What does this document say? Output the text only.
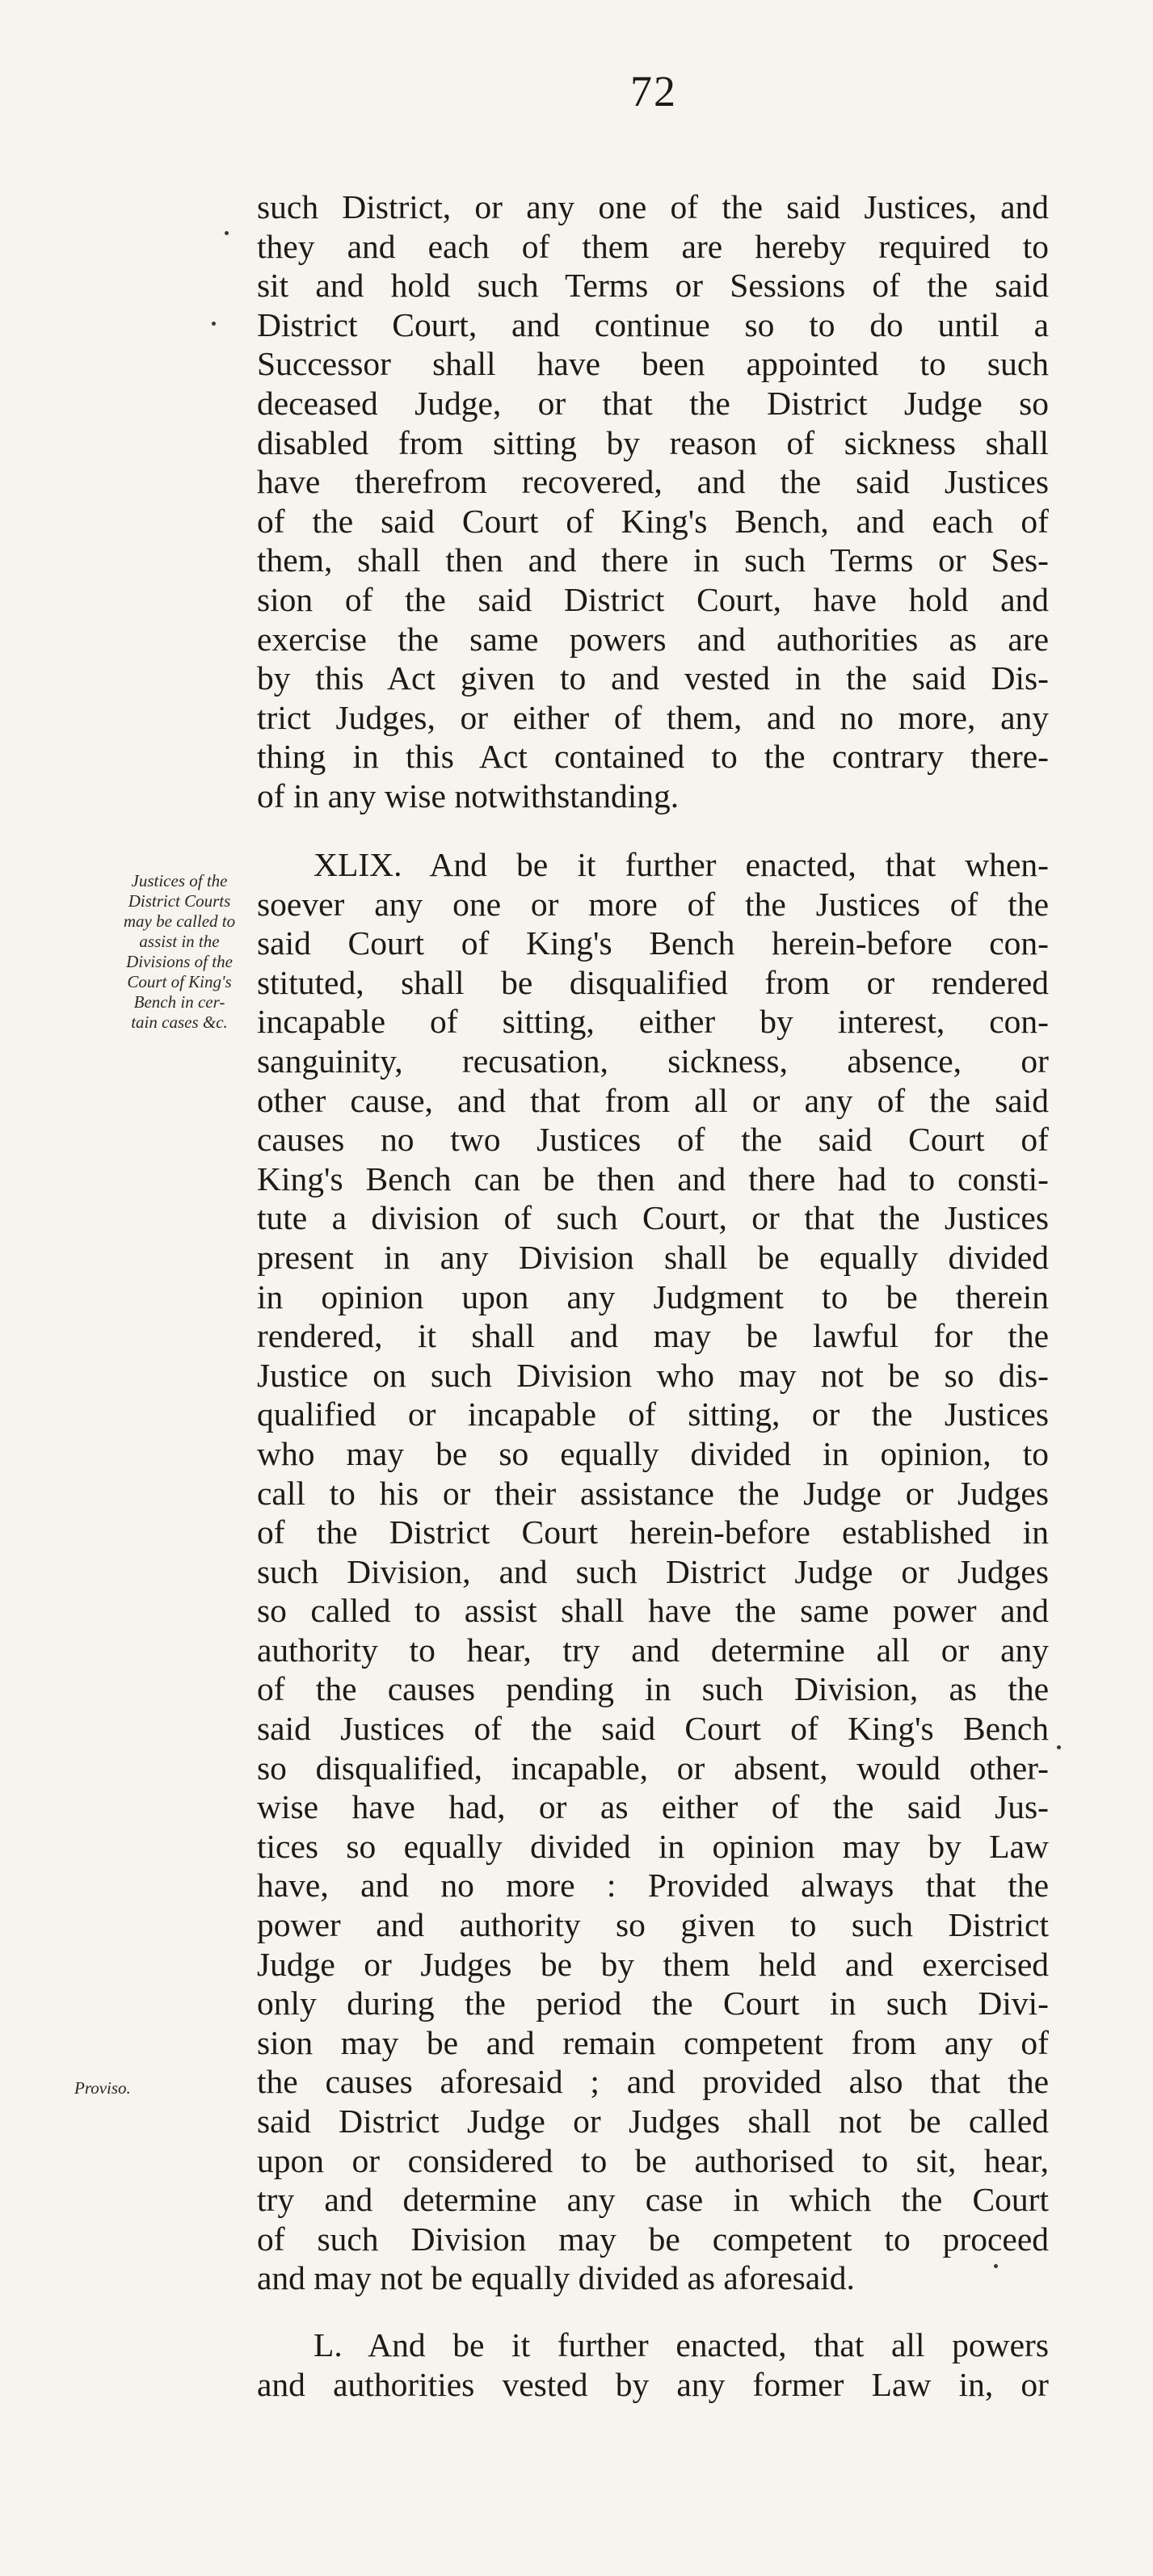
72
such District, or any one of the said Justices, and
they and each of them are hereby required to
sit and hold such Terms or Sessions of the said
District Court, and continue so to do until a
Successor shall have been appointed to such
deceased Judge, or that the District Judge so
disabled from sitting by reason of sickness shall
have therefrom recovered, and the said Justices
of the said Court of King's Bench, and each of
them, shall then and there in such Terms or Ses-
sion of the said District Court, have hold and
exercise the same powers and authorities as are
by this Act given to and vested in the said Dis-
trict Judges, or either of them, and no more, any
thing in this Act contained to the contrary there-
of in any wise notwithstanding.
Justices of the
District Courts
may be called to
assist in the
Divisions of the
Court of King's
Bench in cer-
tain cases &c.
XLIX. And be it further enacted, that when-
soever any one or more of the Justices of the
said Court of King's Bench herein-before con-
stituted, shall be disqualified from or rendered
incapable of sitting, either by interest, con-
sanguinity, recusation, sickness, absence, or
other cause, and that from all or any of the said
causes no two Justices of the said Court of
King's Bench can be then and there had to consti-
tute a division of such Court, or that the Justices
present in any Division shall be equally divided
in opinion upon any Judgment to be therein
rendered, it shall and may be lawful for the
Justice on such Division who may not be so dis-
qualified or incapable of sitting, or the Justices
who may be so equally divided in opinion, to
call to his or their assistance the Judge or Judges
of the District Court herein-before established in
such Division, and such District Judge or Judges
so called to assist shall have the same power and
authority to hear, try and determine all or any
of the causes pending in such Division, as the
said Justices of the said Court of King's Bench
so disqualified, incapable, or absent, would other-
wise have had, or as either of the said Jus-
tices so equally divided in opinion may by Law
have, and no more : Provided always that the
power and authority so given to such District
Judge or Judges be by them held and exercised
only during the period the Court in such Divi-
sion may be and remain competent from any of
the causes aforesaid ; and provided also that the
said District Judge or Judges shall not be called
upon or considered to be authorised to sit, hear,
try and determine any case in which the Court
of such Division may be competent to proceed
and may not be equally divided as aforesaid.
Proviso.
L. And be it further enacted, that all powers
and authorities vested by any former Law in, or
